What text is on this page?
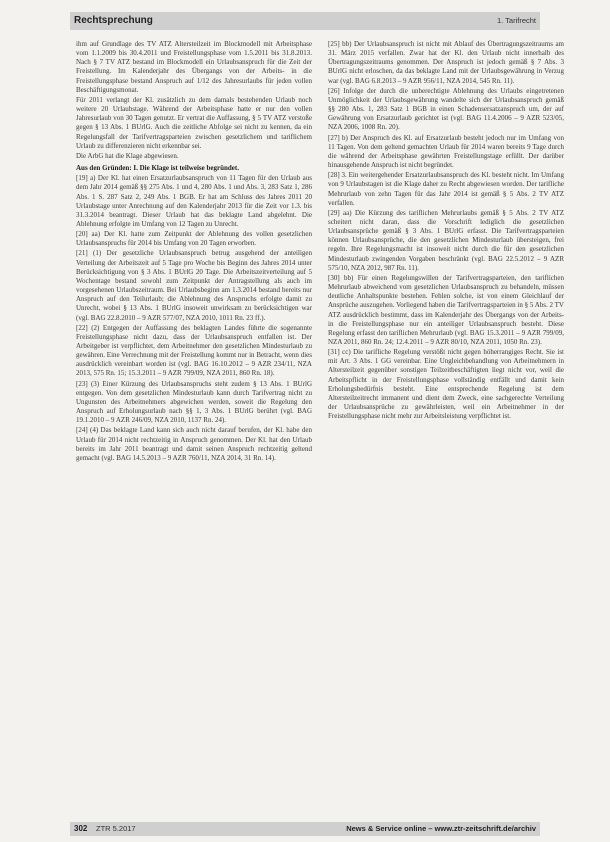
Rechtsprechung	1. Tarifrecht

ihm auf Grundlage des TV ATZ Altersteilzeit im Blockmodell mit Arbeitsphase vom 1.1.2009 bis 30.4.2011 und Freistellungsphase vom 1.5.2011 bis 31.8.2013. Nach § 7 TV ATZ bestand im Blockmodell ein Urlaubsanspruch für die Zeit der Freistellung. Im Kalenderjahr des Übergangs von der Arbeits- in die Freistellungsphase bestand Anspruch auf 1/12 des Jahresurlaubs für jeden vollen Beschäftigungsmonat.

Für 2011 verlangt der Kl. zusätzlich zu dem damals bestehenden Urlaub noch weitere 20 Urlaubstage. Während der Arbeitsphase hatte er nur den vollen Jahresurlaub von 30 Tagen genutzt. Er vertrat die Auffassung, § 5 TV ATZ verstoße gegen § 13 Abs. 1 BUrlG. Auch die zeitliche Abfolge sei nicht zu kennen, da ein Regelungsfall der Tarifvertragsparteien zwischen gesetzlichem und tariflichem Urlaub zu differenzieren nicht erkennbar sei.

Die ArbG hat die Klage abgewiesen.

Aus den Gründen: I. Die Klage ist teilweise begründet.

[19] a) Der Kl. hat einen Ersatzurlaubsanspruch von 11 Tagen für den Urlaub aus dem Jahr 2014 gemäß §§ 275 Abs. 1 und 4, 280 Abs. 1 und Abs. 3, 283 Satz 1, 286 Abs. 1 S. 287 Satz 2, 249 Abs. 1 BGB. Er hat am Schluss des Jahres 2011 20 Urlaubstage unter Anrechnung auf den Kalenderjahr 2013 für die Zeit vor 1.3. bis 31.3.2014 beantragt. Dieser Urlaub hat das beklagte Land abgelehnt. Die Ablehnung erfolgte im Umfang von 12 Tagen zu Unrecht.

[20] aa) Der Kl. hatte zum Zeitpunkt der Ablehnung des vollen gesetzlichen Urlaubsanspruchs für 2014 bis Umfang von 20 Tagen erworben.

[21] (1) Der gesetzliche Urlaubsanspruch betrug ausgehend der anteiligen Verteilung der Arbeitszeit auf 5 Tage pro Woche bis Beginn des Jahres 2014 unter Berücksichtigung von § 3 Abs. 1 BUrlG 20 Tage. Die Arbeitszeitverteilung auf 5 Wochentage bestand sowohl zum Zeitpunkt der Antragstellung als auch im vorgesehenen Urlaubszeitraum. Bei Urlaubsbeginn am 1.3.2014 bestand bereits nur Anspruch auf den Teilurlaub; die Ablehnung des Anspruchs erfolgte damit zu Unrecht, wobei § 13 Abs. 1 BUrlG insoweit unwirksam zu berücksichtigen war (vgl. BAG 22.8.2010 – 9 AZR 577/07, NZA 2010, 1011 Rn. 23 ff.).

[22] (2) Entgegen der Auffassung des beklagten Landes führte die sogenannte Freistellungsphase nicht dazu, dass der Urlaubsanspruch entfallen ist. Der Arbeitgeber ist verpflichtet, dem Arbeitnehmer den gesetzlichen Mindesturlaub zu gewähren. Eine Verrechnung mit der Freistellung kommt nur in Betracht, wenn dies ausdrücklich vereinbart worden ist (vgl. BAG 16.10.2012 – 9 AZR 234/11, NZA 2013, 575 Rn. 15; 15.3.2011 – 9 AZR 799/09, NZA 2011, 860 Rn. 18).

[23] (3) Einer Kürzung des Urlaubsanspruchs steht zudem § 13 Abs. 1 BUrlG entgegen. Von dem gesetzlichen Mindesturlaub kann durch Tarifvertrag nicht zu Ungunsten des Arbeitnehmers abgewichen werden, soweit die Regelung den Anspruch auf Erholungsurlaub nach §§ 1, 3 Abs. 1 BUrlG berührt (vgl. BAG 19.1.2010 – 9 AZR 246/09, NZA 2010, 1137 Rn. 24).

[24] (4) Das beklagte Land kann sich auch nicht darauf berufen, der Kl. habe den Urlaub für 2014 nicht rechtzeitig in Anspruch genommen. Der Kl. hat den Urlaub bereits im Jahr 2011 beantragt und damit seinen Anspruch rechtzeitig geltend gemacht (vgl. BAG 14.5.2013 – 9 AZR 760/11, NZA 2014, 31 Rn. 14).

[25] bb) Der Urlaubsanspruch ist nicht mit Ablauf des Übertragungszeitraums am 31. März 2015 verfallen. Zwar hat der Kl. den Urlaub nicht innerhalb des Übertragungszeitraums genommen. Der Anspruch ist jedoch gemäß § 7 Abs. 3 BUrlG nicht erloschen, da das beklagte Land mit der Urlaubsgewährung in Verzug war (vgl. BAG 6.8.2013 – 9 AZR 956/11, NZA 2014, 545 Rn. 11).

[26] Infolge der durch die unberechtigte Ablehnung des Urlaubs eingetretenen Unmöglichkeit der Urlaubsgewährung wandelte sich der Urlaubsanspruch gemäß §§ 280 Abs. 1, 283 Satz 1 BGB in einen Schadensersatzanspruch um, der auf Gewährung von Ersatzurlaub gerichtet ist (vgl. BAG 11.4.2006 – 9 AZR 523/05, NZA 2006, 1008 Rn. 20).

[27] b) Der Anspruch des Kl. auf Ersatzurlaub besteht jedoch nur im Umfang von 11 Tagen. Von dem geltend gemachten Urlaub für 2014 waren bereits 9 Tage durch die während der Arbeitsphase gewährten Freistellungstage erfüllt. Der darüber hinausgehende Anspruch ist nicht begründet.

[28] 3. Ein weitergehender Ersatzurlaubsanspruch des Kl. besteht nicht. Im Umfang von 9 Urlaubstagen ist die Klage daher zu Recht abgewiesen worden. Der tarifliche Mehrurlaub von zehn Tagen für das Jahr 2014 ist gemäß § 5 Abs. 2 TV ATZ verfallen.

[29] aa) Die Kürzung des tariflichen Mehrurlaubs gemäß § 5 Abs. 2 TV ATZ scheitert nicht daran, dass die Vorschrift lediglich die gesetzlichen Urlaubsansprüche gemäß § 3 Abs. 1 BUrlG erfasst. Die Tarifvertragsparteien können Urlaubsansprüche, die den gesetzlichen Mindesturlaub übersteigen, frei regeln. Ihre Regelungsmacht ist insoweit nicht durch die für den gesetzlichen Mindesturlaub zwingenden Vorgaben beschränkt (vgl. BAG 22.5.2012 – 9 AZR 575/10, NZA 2012, 987 Rn. 11).

[30] bb) Für einen Regelungswillen der Tarifvertragsparteien, den tariflichen Mehrurlaub abweichend vom gesetzlichen Urlaubsanspruch zu behandeln, müssen deutliche Anhaltspunkte bestehen. Fehlen solche, ist von einem Gleichlauf der Ansprüche auszugehen. Vorliegend haben die Tarifvertragsparteien in § 5 Abs. 2 TV ATZ ausdrücklich bestimmt, dass im Kalenderjahr des Übergangs von der Arbeits- in die Freistellungsphase nur ein anteiliger Urlaubsanspruch besteht. Diese Regelung erfasst den tariflichen Mehrurlaub (vgl. BAG 15.3.2011 – 9 AZR 799/09, NZA 2011, 860 Rn. 24; 12.4.2011 – 9 AZR 80/10, NZA 2011, 1050 Rn. 23).

[31] cc) Die tarifliche Regelung verstößt nicht gegen höherrangiges Recht. Sie ist mit Art. 3 Abs. 1 GG vereinbar. Eine Ungleichbehandlung von Arbeitnehmern in Altersteilzeit gegenüber sonstigen Teilzeitbeschäftigten liegt nicht vor, weil die Arbeitspflicht in der Freistellungsphase vollständig entfällt und damit kein Erholungsbedürfnis besteht. Eine entsprechende Regelung ist dem Altersteilzeitrecht immanent und dient dem Zweck, eine sachgerechte Verteilung der Urlaubsansprüche zu gewährleisten, weil ein Arbeitnehmer in der Freistellungsphase nicht mehr zur Arbeitsleistung verpflichtet ist.

302 ZTR 5.2017	News & Service online – www.ztr-zeitschrift.de/archiv
